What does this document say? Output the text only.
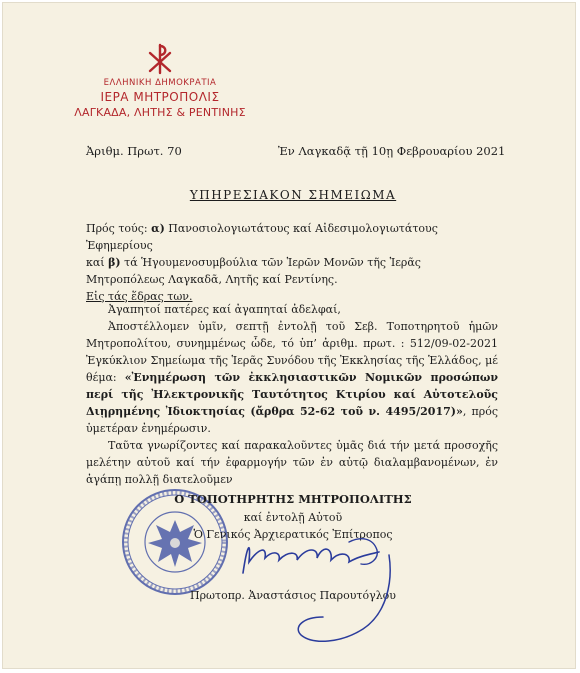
ΕΛΛΗΝΙΚΗ ΔΗΜΟΚΡΑΤΙΑ
ΙΕΡΑ ΜΗΤΡΟΠΟΛΙΣ
ΛΑΓΚΑΔΑ, ΛΗΤΗΣ & ΡΕΝΤΙΝΗΣ
Ἀριθμ. Πρωτ. 70	Ἐν Λαγκαδᾷ τῇ 10ῃ Φεβρουαρίου 2021
ΥΠΗΡΕΣΙΑΚΟΝ ΣΗΜΕΙΩΜΑ
Πρός τούς: α) Πανοσιολογιωτάτους καί Αἰδεσιμολογιωτάτους Ἐφημερίους
καί β) τά Ἡγουμενοσυμβούλια τῶν Ἱερῶν Μονῶν τῆς Ἱερᾶς Μητροπόλεως Λαγκαδᾶ, Λητῆς καί Ρεντίνης.
Εἰς τάς ἕδρας των.
Ἀγαπητοί πατέρες καί ἀγαπηταί ἀδελφαί,
Ἀποστέλλομεν ὑμῖν, σεπτῇ ἐντολῇ τοῦ Σεβ. Τοποτηρητοῦ ἡμῶν Μητροπολίτου, συνημμένως ὧδε, τό ὑπ’ ἀριθμ. πρωτ. : 512/09-02-2021 Ἐγκύκλιον Σημείωμα τῆς Ἱερᾶς Συνόδου τῆς Ἐκκλησίας τῆς Ἑλλάδος, μέ θέμα: «Ἐνημέρωση τῶν ἐκκλησιαστικῶν Νομικῶν προσώπων περί τῆς Ἠλεκτρονικῆς Ταυτότητος Κτιρίου καί Αὐτοτελοῦς Διῃρημένης Ἰδιοκτησίας (ἄρθρα 52-62 τοῦ ν. 4495/2017)», πρός ὑμετέραν ἐνημέρωσιν.
Ταῦτα γνωρίζοντες καί παρακαλοῦντες ὑμᾶς διά τήν μετά προσοχῆς μελέτην αὐτοῦ καί τήν ἐφαρμογήν τῶν ἐν αὐτῷ διαλαμβανομένων, ἐν ἀγάπῃ πολλῇ διατελοῦμεν
Ο ΤΟΠΟΤΗΡΗΤΗΣ ΜΗΤΡΟΠΟΛΙΤΗΣ
καί ἐντολῇ Αὐτοῦ
Ὁ Γενικός Ἀρχιερατικός Ἐπίτροπος
Πρωτοπρ. Ἀναστάσιος Παρουτόγλου
